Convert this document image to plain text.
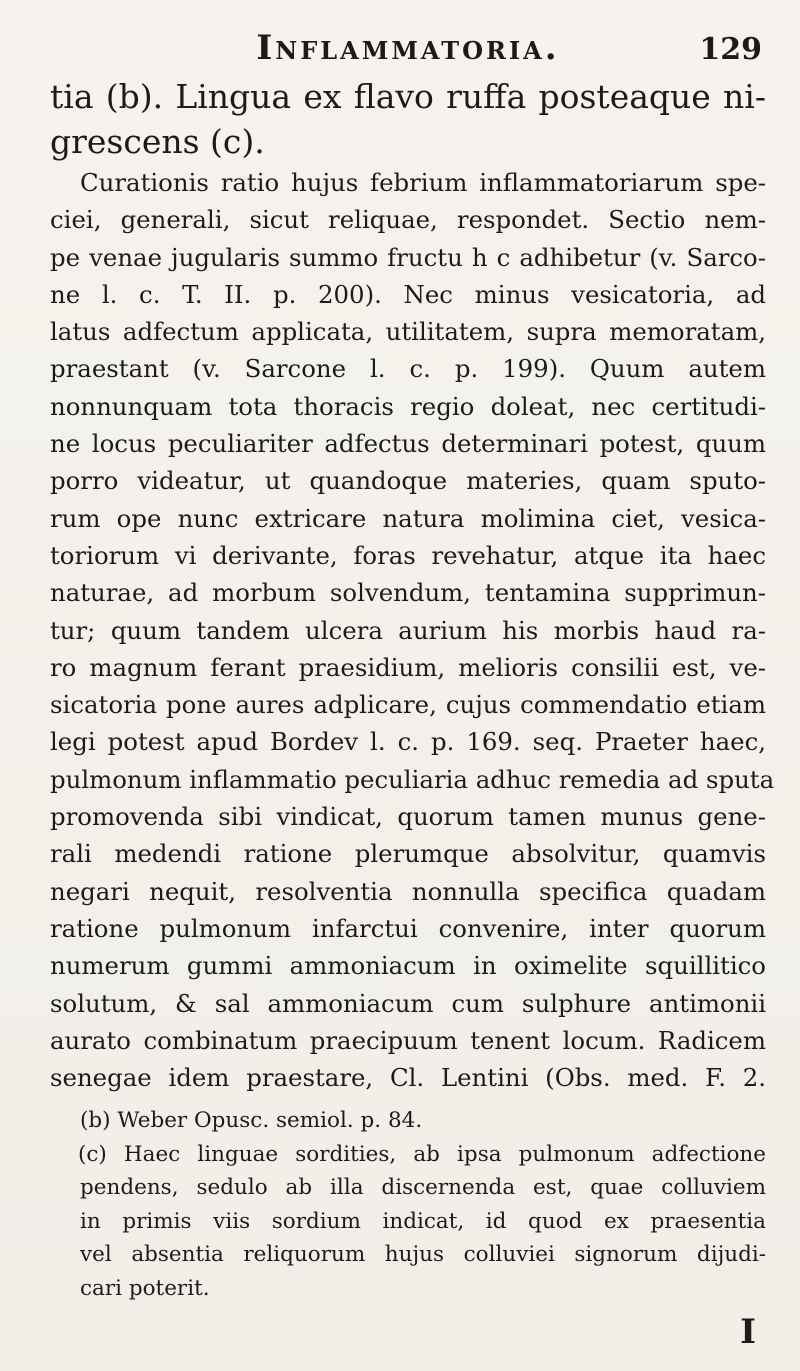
Inflammatoria.	129
tia (b). Lingua ex flavo ruffa posteaque ni-
grescens (c).
Curationis ratio hujus febrium inflammatoriarum spe-
ciei, generali, sicut reliquae, respondet. Sectio nem-
pe venae jugularis summo fructu h c adhibetur (v. Sarco-
ne l. c. T. II. p. 200). Nec minus vesicatoria, ad
latus adfectum applicata, utilitatem, supra memoratam,
praestant (v. Sarcone l. c. p. 199). Quum autem
nonnunquam tota thoracis regio doleat, nec certitudi-
ne locus peculiariter adfectus determinari potest, quum
porro videatur, ut quandoque materies, quam sputo-
rum ope nunc extricare natura molimina ciet, vesica-
toriorum vi derivante, foras revehatur, atque ita haec
naturae, ad morbum solvendum, tentamina supprimun-
tur; quum tandem ulcera aurium his morbis haud ra-
ro magnum ferant praesidium, melioris consilii est, ve-
sicatoria pone aures adplicare, cujus commendatio etiam
legi potest apud Bordev l. c. p. 169. seq. Praeter haec,
pulmonum inflammatio peculiaria adhuc remedia ad sputa
promovenda sibi vindicat, quorum tamen munus gene-
rali medendi ratione plerumque absolvitur, quamvis
negari nequit, resolventia nonnulla specifica quadam
ratione pulmonum infarctui convenire, inter quorum
numerum gummi ammoniacum in oximelite squillitico
solutum, & sal ammoniacum cum sulphure antimonii
aurato combinatum praecipuum tenent locum. Radicem
senegae idem praestare, Cl. Lentini (Obs. med. F. 2.
(b) Weber Opusc. semiol. p. 84.
(c) Haec linguae sordities, ab ipsa pulmonum adfectione
pendens, sedulo ab illa discernenda est, quae colluviem
in primis viis sordium indicat, id quod ex praesentia
vel absentia reliquorum hujus colluviei signorum dijudi-
cari poterit.
I
